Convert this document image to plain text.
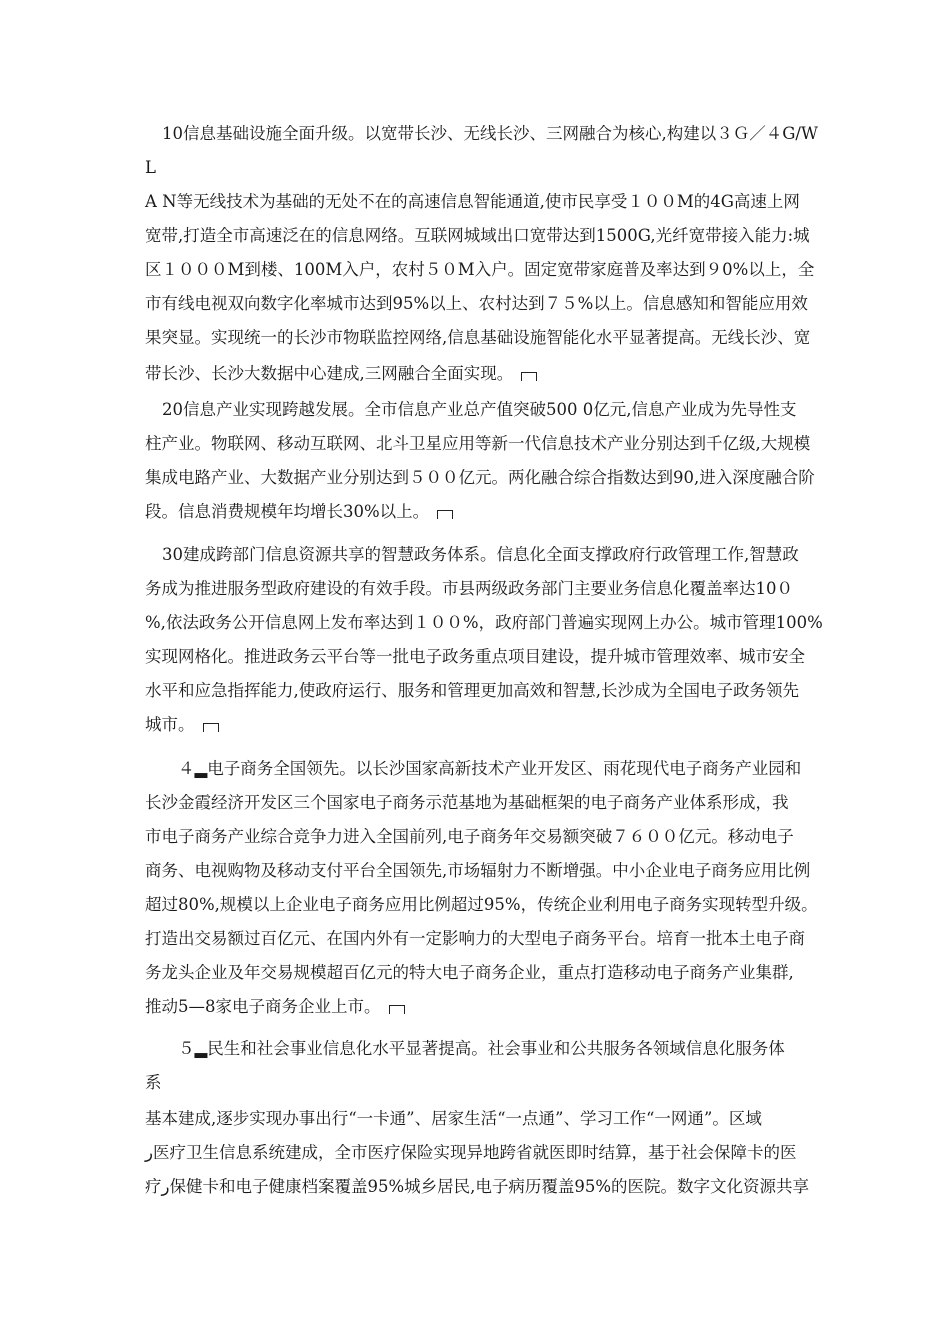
10信息基础设施全面升级。以宽带长沙、无线长沙、三网融合为核心,构建以３Ｇ／４G/W

L

A N等无线技术为基础的无处不在的高速信息智能通道,使市民享受１００M的4G高速上网

宽带,打造全市高速泛在的信息网络。互联网城域出口宽带达到1500G,光纤宽带接入能力:城

区１０００M到楼、100M入户，农村５０M入户。固定宽带家庭普及率达到９0%以上，全

市有线电视双向数字化率城市达到95%以上、农村达到７５%以上。信息感知和智能应用效

果突显。实现统一的长沙市物联监控网络,信息基础设施智能化水平显著提高。无线长沙、宽

带长沙、长沙大数据中心建成,三网融合全面实现。

20信息产业实现跨越发展。全市信息产业总产值突破500 0亿元,信息产业成为先导性支

柱产业。物联网、移动互联网、北斗卫星应用等新一代信息技术产业分别达到千亿级,大规模

集成电路产业、大数据产业分别达到５００亿元。两化融合综合指数达到90,进入深度融合阶

段。信息消费规模年均增长30%以上。

30建成跨部门信息资源共享的智慧政务体系。信息化全面支撑政府行政管理工作,智慧政

务成为推进服务型政府建设的有效手段。市县两级政务部门主要业务信息化覆盖率达10０

%,依法政务公开信息网上发布率达到１００%，政府部门普遍实现网上办公。城市管理100%

实现网格化。推进政务云平台等一批电子政务重点项目建设，提升城市管理效率、城市安全

水平和应急指挥能力,使政府运行、服务和管理更加高效和智慧,长沙成为全国电子政务领先

城市。

４▂电子商务全国领先。以长沙国家高新技术产业开发区、雨花现代电子商务产业园和

长沙金霞经济开发区三个国家电子商务示范基地为基础框架的电子商务产业体系形成，我

市电子商务产业综合竞争力进入全国前列,电子商务年交易额突破７６００亿元。移动电子

商务、电视购物及移动支付平台全国领先,市场辐射力不断增强。中小企业电子商务应用比例

超过80%,规模以上企业电子商务应用比例超过95%，传统企业利用电子商务实现转型升级。

打造出交易额过百亿元、在国内外有一定影响力的大型电子商务平台。培育一批本土电子商

务龙头企业及年交易规模超百亿元的特大电子商务企业，重点打造移动电子商务产业集群,

推动5—8家电子商务企业上市。

５▂民生和社会事业信息化水平显著提高。社会事业和公共服务各领域信息化服务体

系

基本建成,逐步实现办事出行“一卡通”、居家生活“一点通”、学习工作“一网通”。区域

ر医疗卫生信息系统建成，全市医疗保险实现异地跨省就医即时结算，基于社会保障卡的医

疗ر保健卡和电子健康档案覆盖95%城乡居民,电子病历覆盖95%的医院。数字文化资源共享
